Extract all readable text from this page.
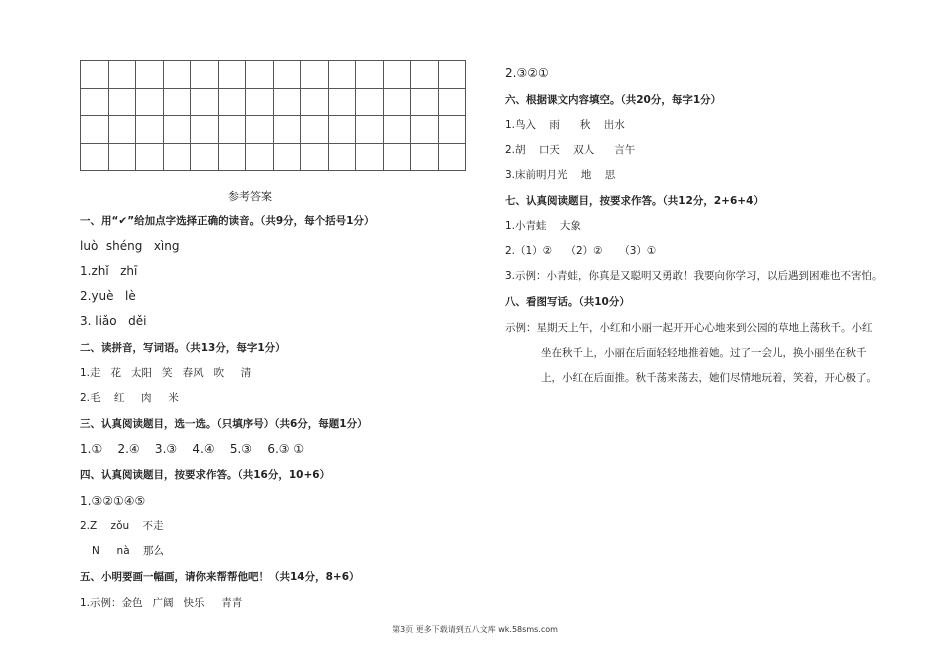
参考答案
一、用“✔”给加点字选择正确的读音。（共9分，每个括号1分）
luò  shéng   xìng
1.zhǐ   zhī
2.yuè   lè
3. liǎo   děi
二、读拼音，写词语。（共13分，每字1分）
1.走   花   太阳   笑   春风   吹     清
2.毛    红     肉     米
三、认真阅读题目，选一选。（只填序号）（共6分，每题1分）
1.①    2.④    3.③    4.④    5.③    6.③ ①
四、认真阅读题目，按要求作答。（共16分，10+6）
1.③②①④⑤
2.Z    zǒu    不走
N     nà    那么
五、小明要画一幅画，请你来帮帮他吧！（共14分，8+6）
1.示例：金色   广阔   快乐     青青
2.③②①
六、根据课文内容填空。（共20分，每字1分）
1.鸟入    雨      秋    出水
2.胡    口天    双人      言午
3.床前明月光    地    思
七、认真阅读题目，按要求作答。（共12分，2+6+4）
1.小青蛙    大象
2.（1）②    （2）②     （3）①
3.示例：小青蛙，你真是又聪明又勇敢！我要向你学习，以后遇到困难也不害怕。
八、看图写话。（共10分）
示例：星期天上午，小红和小丽一起开开心心地来到公园的草地上荡秋千。小红
坐在秋千上，小丽在后面轻轻地推着她。过了一会儿，换小丽坐在秋千
上，小红在后面推。秋千荡来荡去，她们尽情地玩着，笑着，开心极了。
第3页 更多下载请到五八文库 wk.58sms.com
